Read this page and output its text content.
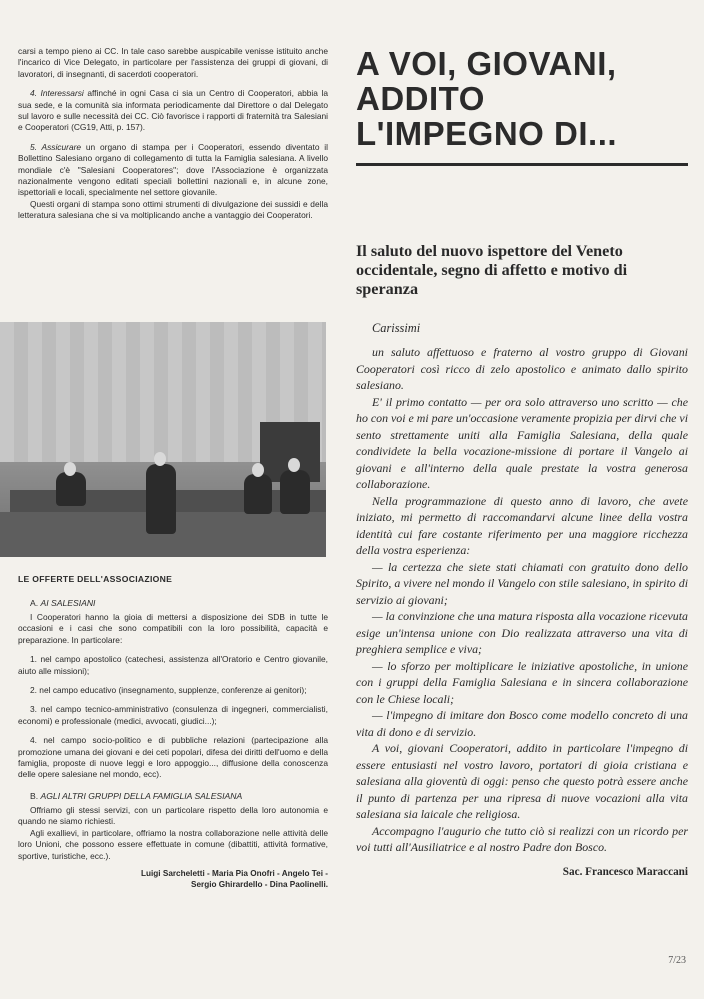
carsi a tempo pieno ai CC. In tale caso sarebbe auspicabile venisse istituito anche l'incarico di Vice Delegato, in particolare per l'assistenza dei gruppi di giovani, di lavoratori, di insegnanti, di sacerdoti cooperatori.

4. Interessarsi affinché in ogni Casa ci sia un Centro di Cooperatori, abbia la sua sede, e la comunità sia informata periodicamente dal Direttore o dal Delegato sul lavoro e sulle necessità dei CC. Ciò favorisce i rapporti di fraternità tra Salesiani e Cooperatori (CG19, Atti, p. 157).

5. Assicurare un organo di stampa per i Cooperatori, essendo diventato il Bollettino Salesiano organo di collegamento di tutta la Famiglia salesiana. A livello mondiale c'è "Salesiani Cooperatores"; dove l'Associazione è organizzata nazionalmente vengono editati speciali bollettini nazionali e, in alcune zone, ispettoriali e locali, specialmente nel settore giovanile.

Questi organi di stampa sono ottimi strumenti di divulgazione dei sussidi e della letteratura salesiana che si va moltiplicando anche a vantaggio dei Cooperatori.

LE OFFERTE DELL'ASSOCIAZIONE

A. AI SALESIANI

I Cooperatori hanno la gioia di mettersi a disposizione dei SDB in tutte le occasioni e i casi che sono compatibili con la loro possibilità, capacità e preparazione. In particolare:

1. nel campo apostolico (catechesi, assistenza all'Oratorio e Centro giovanile, aiuto alle missioni);

2. nel campo educativo (insegnamento, supplenze, conferenze ai genitori);

3. nel campo tecnico-amministrativo (consulenza di ingegneri, commercialisti, economi) e professionale (medici, avvocati, giudici...);

4. nel campo socio-politico e di pubbliche relazioni (partecipazione alla promozione umana dei giovani e dei ceti popolari, difesa dei diritti dell'uomo e della famiglia, proposte di nuove leggi e loro appoggio..., diffusione della conoscenza delle opere salesiane nel mondo, ecc).

B. AGLI ALTRI GRUPPI DELLA FAMIGLIA SALESIANA

Offriamo gli stessi servizi, con un particolare rispetto della loro autonomia e quando ne siamo richiesti.

Agli exallievi, in particolare, offriamo la nostra collaborazione nelle attività delle loro Unioni, che possono essere effettuate in comune (dibattiti, attività formative, sportive, turistiche, ecc.).

Luigi Sarcheletti - Maria Pia Onofri - Angelo Tei -

Sergio Ghirardello - Dina Paolinelli.

A VOI, GIOVANI,

ADDITO

L'IMPEGNO DI...

Il saluto del nuovo ispettore del Veneto occidentale, segno di affetto e motivo di speranza

Carissimi

un saluto affettuoso e fraterno al vostro gruppo di Giovani Cooperatori così ricco di zelo apostolico e animato dallo spirito salesiano.

E' il primo contatto — per ora solo attraverso uno scritto — che ho con voi e mi pare un'occasione veramente propizia per dirvi che vi sento strettamente uniti alla Famiglia Salesiana, della quale condividete la bella vocazione-missione di portare il Vangelo ai giovani e all'interno della quale prestate la vostra generosa collaborazione.

Nella programmazione di questo anno di lavoro, che avete iniziato, mi permetto di raccomandarvi alcune linee della vostra identità cui fare costante riferimento per una maggiore ricchezza della vostra esperienza:

— la certezza che siete stati chiamati con gratuito dono dello Spirito, a vivere nel mondo il Vangelo con stile salesiano, in spirito di servizio ai giovani;

— la convinzione che una matura risposta alla vocazione ricevuta esige un'intensa unione con Dio realizzata attraverso una vita di preghiera semplice e viva;

— lo sforzo per moltiplicare le iniziative apostoliche, in unione con i gruppi della Famiglia Salesiana e in sincera collaborazione con le Chiese locali;

— l'impegno di imitare don Bosco come modello concreto di una vita di dono e di servizio.

A voi, giovani Cooperatori, addito in particolare l'impegno di essere entusiasti nel vostro lavoro, portatori di gioia cristiana e salesiana alla gioventù di oggi: penso che questo potrà essere anche il punto di partenza per una ripresa di nuove vocazioni alla vita salesiana sia laicale che religiosa.

Accompagno l'augurio che tutto ciò si realizzi con un ricordo per voi tutti all'Ausiliatrice e al nostro Padre don Bosco.

Sac. Francesco Maraccani

7/23
